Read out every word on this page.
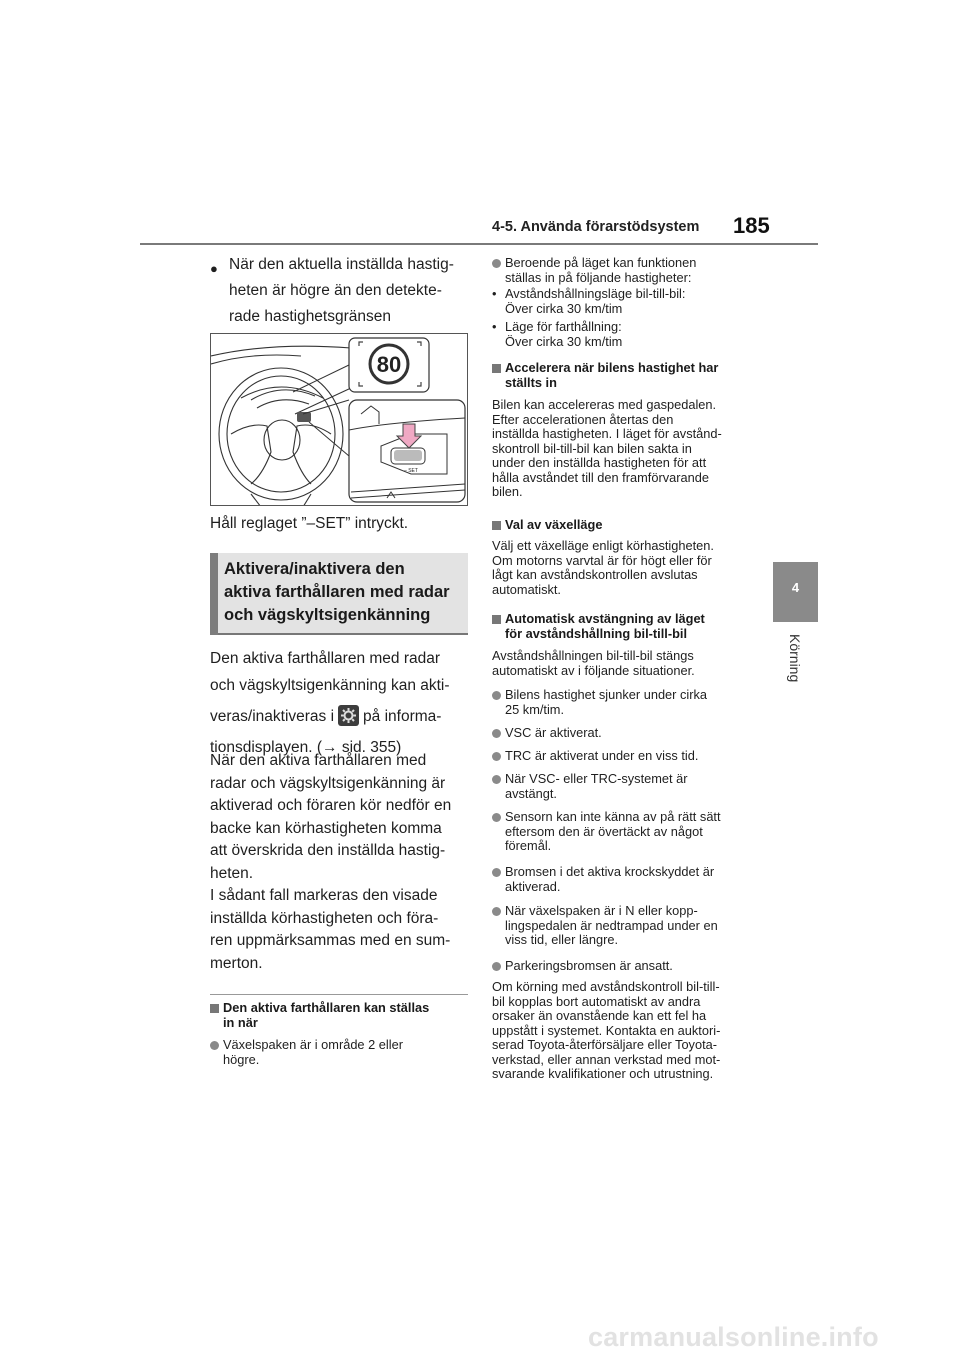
4-5. Använda förarstödsystem 185
4
Körning
● När den aktuella inställda hastig-
heten är högre än den detekte-
rade hastighetsgränsen
80
– SET
Håll reglaget ”–SET” intryckt.
Aktivera/inaktivera den
aktiva farthållaren med radar
och vägskyltsigenkänning
Den aktiva farthållaren med radar
och vägskyltsigenkänning kan akti-
veras/inaktiveras i på informa-
tionsdisplayen. (→ sid. 355)
När den aktiva farthållaren med
radar och vägskyltsigenkänning är
aktiverad och föraren kör nedför en
backe kan körhastigheten komma
att överskrida den inställda hastig-
heten.
I sådant fall markeras den visade
inställda körhastigheten och föra-
ren uppmärksammas med en sum-
merton.
Den aktiva farthållaren kan ställas
in när
Växelspaken är i område 2 eller
högre.
Beroende på läget kan funktionen
ställas in på följande hastigheter:
• Avståndshållningsläge bil-till-bil:
Över cirka 30 km/tim
• Läge för farthållning:
Över cirka 30 km/tim
Accelerera när bilens hastighet har
ställts in
Bilen kan accelereras med gaspedalen.
Efter accelerationen återtas den
inställda hastigheten. I läget för avstånd-
skontroll bil-till-bil kan bilen sakta in
under den inställda hastigheten för att
hålla avståndet till den framförvarande
bilen.
Val av växelläge
Välj ett växelläge enligt körhastigheten.
Om motorns varvtal är för högt eller för
lågt kan avståndskontrollen avslutas
automatiskt.
Automatisk avstängning av läget
för avståndshållning bil-till-bil
Avståndshållningen bil-till-bil stängs
automatiskt av i följande situationer.
Bilens hastighet sjunker under cirka
25 km/tim.
VSC är aktiverat.
TRC är aktiverat under en viss tid.
När VSC- eller TRC-systemet är
avstängt.
Sensorn kan inte känna av på rätt sätt
eftersom den är övertäckt av något
föremål.
Bromsen i det aktiva krockskyddet är
aktiverad.
När växelspaken är i N eller kopp-
lingspedalen är nedtrampad under en
viss tid, eller längre.
Parkeringsbromsen är ansatt.
Om körning med avståndskontroll bil-till-
bil kopplas bort automatiskt av andra
orsaker än ovanstående kan ett fel ha
uppstått i systemet. Kontakta en auktori-
serad Toyota-återförsäljare eller Toyota-
verkstad, eller annan verkstad med mot-
svarande kvalifikationer och utrustning.
carmanualsonline.info
